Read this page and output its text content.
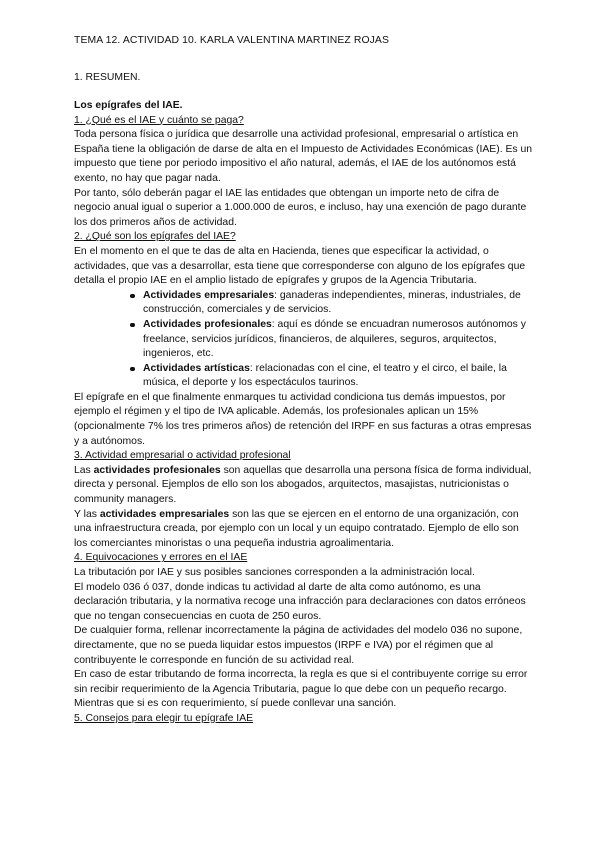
TEMA 12. ACTIVIDAD 10. KARLA VALENTINA MARTINEZ ROJAS
1. RESUMEN.

Los epígrafes del IAE.

1. ¿Qué es el IAE y cuánto se paga?

Toda persona física o jurídica que desarrolle una actividad profesional, empresarial o artística en España tiene la obligación de darse de alta en el Impuesto de Actividades Económicas (IAE). Es un impuesto que tiene por periodo impositivo el año natural, además, el IAE de los autónomos está exento, no hay que pagar nada.

Por tanto, sólo deberán pagar el IAE las entidades que obtengan un importe neto de cifra de negocio anual igual o superior a 1.000.000 de euros, e incluso, hay una exención de pago durante los dos primeros años de actividad.

2. ¿Qué son los epígrafes del IAE?

En el momento en el que te das de alta en Hacienda, tienes que especificar la actividad, o actividades, que vas a desarrollar, esta tiene que corresponderse con alguno de los epígrafes que detalla el propio IAE en el amplio listado de epígrafes y grupos de la Agencia Tributaria.

Actividades empresariales: ganaderas independientes, mineras, industriales, de construcción, comerciales y de servicios.
Actividades profesionales: aquí es dónde se encuadran numerosos autónomos y freelance, servicios jurídicos, financieros, de alquileres, seguros, arquitectos, ingenieros, etc.
Actividades artísticas: relacionadas con el cine, el teatro y el circo, el baile, la música, el deporte y los espectáculos taurinos.

El epígrafe en el que finalmente enmarques tu actividad condiciona tus demás impuestos, por ejemplo el régimen y el tipo de IVA aplicable. Además, los profesionales aplican un 15% (opcionalmente 7% los tres primeros años) de retención del IRPF en sus facturas a otras empresas y a autónomos.

3. Actividad empresarial o actividad profesional

Las actividades profesionales son aquellas que desarrolla una persona física de forma individual, directa y personal. Ejemplos de ello son los abogados, arquitectos, masajistas, nutricionistas o community managers.

Y las actividades empresariales son las que se ejercen en el entorno de una organización, con una infraestructura creada, por ejemplo con un local y un equipo contratado. Ejemplo de ello son los comerciantes minoristas o una pequeña industria agroalimentaria.

4. Equivocaciones y errores en el IAE

La tributación por IAE y sus posibles sanciones corresponden a la administración local.

El modelo 036 ó 037, donde indicas tu actividad al darte de alta como autónomo, es una declaración tributaria, y la normativa recoge una infracción para declaraciones con datos erróneos que no tengan consecuencias en cuota de 250 euros.

De cualquier forma, rellenar incorrectamente la página de actividades del modelo 036 no supone, directamente, que no se pueda liquidar estos impuestos (IRPF e IVA) por el régimen que al contribuyente le corresponde en función de su actividad real.

En caso de estar tributando de forma incorrecta, la regla es que si el contribuyente corrige su error sin recibir requerimiento de la Agencia Tributaria, pague lo que debe con un pequeño recargo. Mientras que si es con requerimiento, sí puede conllevar una sanción.

5. Consejos para elegir tu epígrafe IAE
